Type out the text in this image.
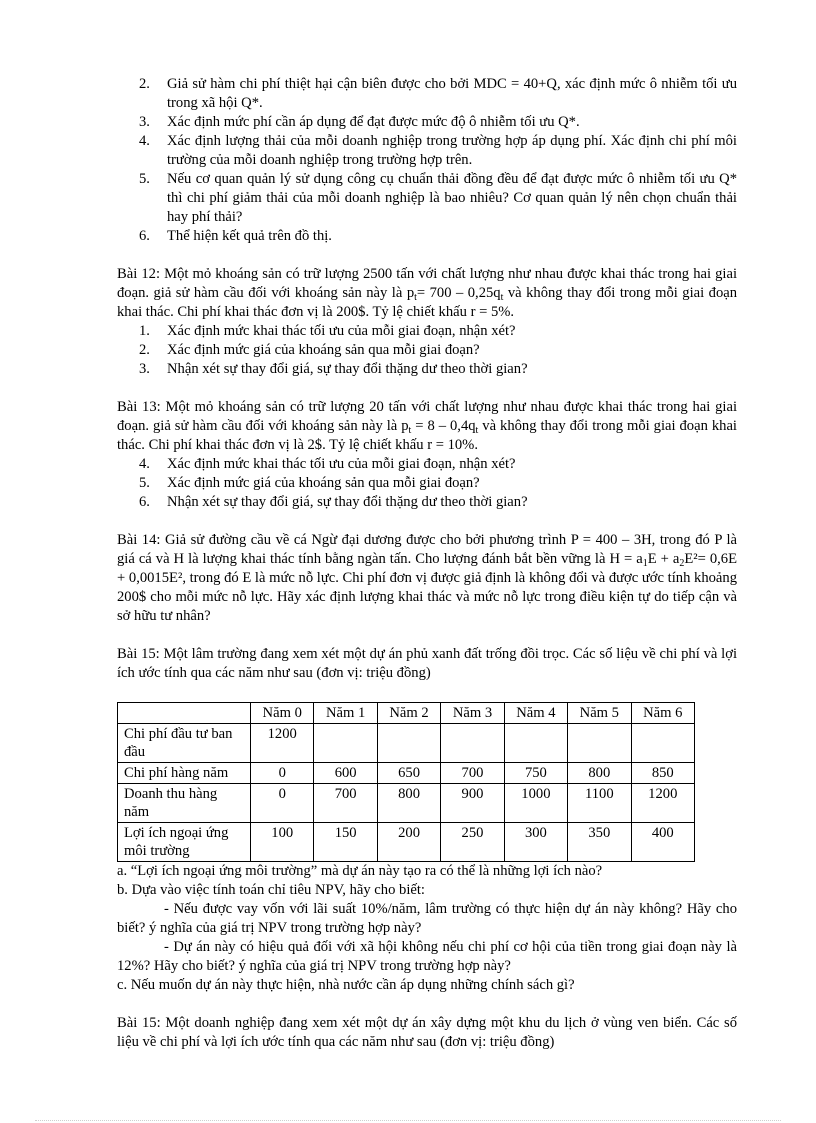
2. Giả sử hàm chi phí thiệt hại cận biên được cho bởi MDC = 40+Q, xác định mức ô nhiễm tối ưu trong xã hội Q*.
3. Xác định mức phí cần áp dụng để đạt được mức độ ô nhiễm tối ưu Q*.
4. Xác định lượng thải của mỗi doanh nghiệp trong trường hợp áp dụng phí. Xác định chi phí môi trường của mỗi doanh nghiệp trong trường hợp trên.
5. Nếu cơ quan quản lý sử dụng công cụ chuẩn thải đồng đều để đạt được mức ô nhiễm tối ưu Q* thì chi phí giảm thải của mỗi doanh nghiệp là bao nhiêu? Cơ quan quản lý nên chọn chuẩn thải hay phí thải?
6. Thể hiện kết quả trên đồ thị.

Bài 12: Một mỏ khoáng sản có trữ lượng 2500 tấn với chất lượng như nhau được khai thác trong hai giai đoạn. giả sử hàm cầu đối với khoáng sản này là $p_t= 700 - 0,25q_t$ và không thay đổi trong mỗi giai đoạn khai thác. Chi phí khai thác đơn vị là 200$. Tỷ lệ chiết khấu r = 5%.

1. Xác định mức khai thác tối ưu của mỗi giai đoạn, nhận xét?
2. Xác định mức giá của khoáng sản qua mỗi giai đoạn?
3. Nhận xét sự thay đổi giá, sự thay đổi thặng dư theo thời gian?

Bài 13: Một mỏ khoáng sản có trữ lượng 20 tấn với chất lượng như nhau được khai thác trong hai giai đoạn. giả sử hàm cầu đối với khoáng sản này là $p_t = 8 - 0,4q_t$ và không thay đổi trong mỗi giai đoạn khai thác. Chi phí khai thác đơn vị là 2$. Tỷ lệ chiết khấu r = 10%.

4. Xác định mức khai thác tối ưu của mỗi giai đoạn, nhận xét?
5. Xác định mức giá của khoáng sản qua mỗi giai đoạn?
6. Nhận xét sự thay đổi giá, sự thay đổi thặng dư theo thời gian?

Bài 14: Giả sử đường cầu về cá Ngừ đại dương được cho bởi phương trình P = 400 – 3H, trong đó P là giá cá và H là lượng khai thác tính bằng ngàn tấn. Cho lượng đánh bắt bền vững là $H = a_1E + a_2E^2= 0,6E + 0,0015E^2$, trong đó E là mức nỗ lực. Chi phí đơn vị được giả định là không đổi và được ước tính khoảng 200$ cho mỗi mức nỗ lực. Hãy xác định lượng khai thác và mức nỗ lực trong điều kiện tự do tiếp cận và sở hữu tư nhân?

Bài 15: Một lâm trường đang xem xét một dự án phủ xanh đất trống đồi trọc. Các số liệu về chi phí và lợi ích ước tính qua các năm như sau (đơn vị: triệu đồng)

	Năm 0	Năm 1	Năm 2	Năm 3	Năm 4	Năm 5	Năm 6
Chi phí đầu tư ban đầu	1200						
Chi phí hàng năm	0	600	650	700	750	800	850
Doanh thu hàng năm	0	700	800	900	1000	1100	1200
Lợi ích ngoại ứng môi trường	100	150	200	250	300	350	400

a. “Lợi ích ngoại ứng môi trường” mà dự án này tạo ra có thể là những lợi ích nào?

b. Dựa vào việc tính toán chỉ tiêu NPV, hãy cho biết:

- Nếu được vay vốn với lãi suất 10%/năm, lâm trường có thực hiện dự án này không? Hãy cho biết? ý nghĩa của giá trị NPV trong trường hợp này?

- Dự án này có hiệu quả đối với xã hội không nếu chi phí cơ hội của tiền trong giai đoạn này là 12%? Hãy cho biết? ý nghĩa của giá trị NPV trong trường hợp này?

c. Nếu muốn dự án này thực hiện, nhà nước cần áp dụng những chính sách gì?

Bài 15: Một doanh nghiệp đang xem xét một dự án xây dựng một khu du lịch ở vùng ven biển. Các số liệu về chi phí và lợi ích ước tính qua các năm như sau (đơn vị: triệu đồng)
